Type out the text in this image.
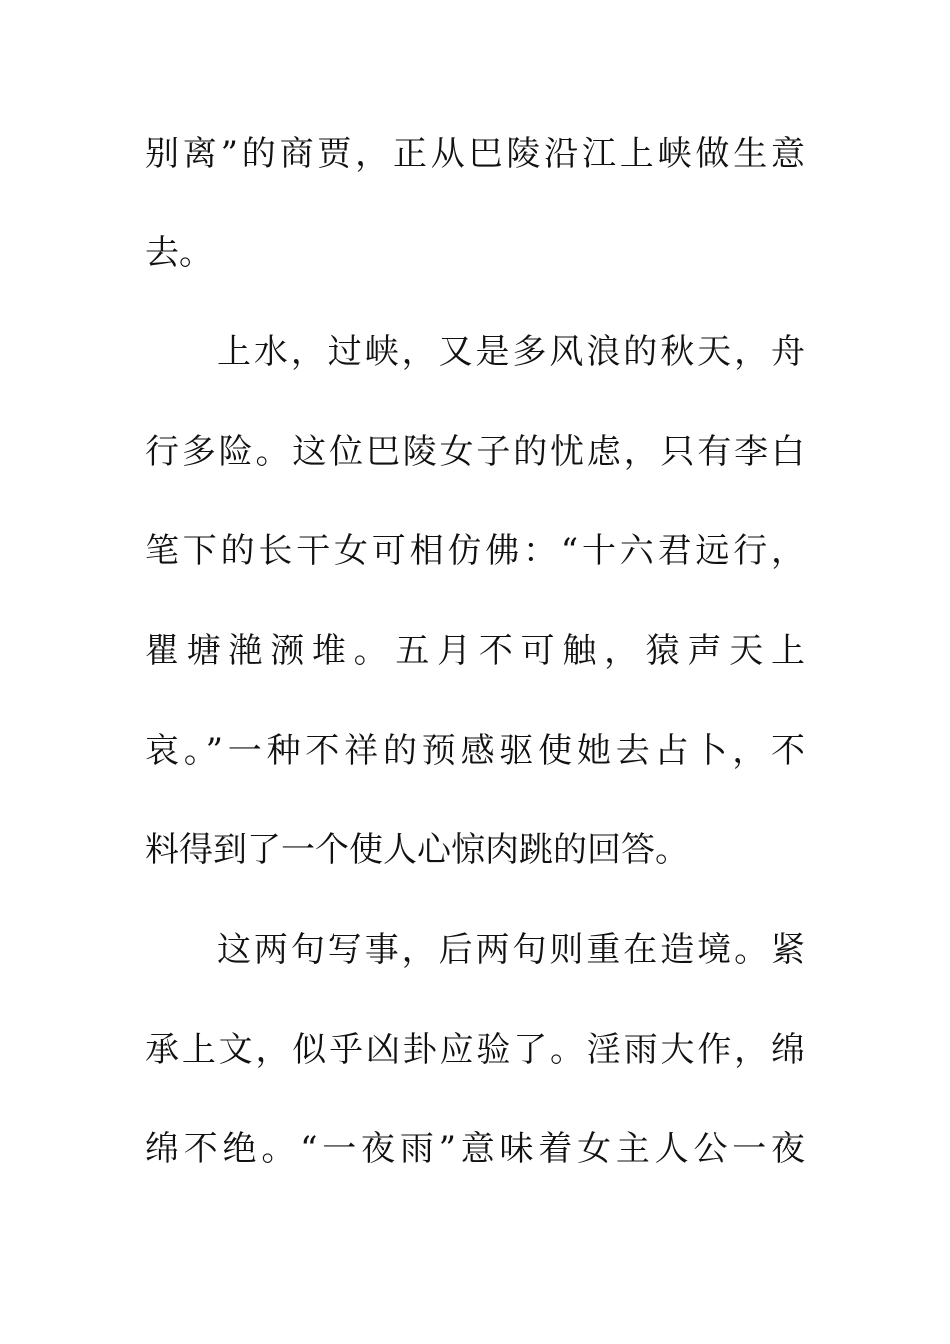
别离”的商贾，正从巴陵沿江上峡做生意
去。
上水，过峡，又是多风浪的秋天，舟
行多险。这位巴陵女子的忧虑，只有李白
笔下的长干女可相仿佛：“十六君远行，
瞿塘滟滪堆。五月不可触，猿声天上
哀。”一种不祥的预感驱使她去占卜，不
料得到了一个使人心惊肉跳的回答。
这两句写事，后两句则重在造境。紧
承上文，似乎凶卦应验了。淫雨大作，绵
绵不绝。“一夜雨”意味着女主人公一夜
